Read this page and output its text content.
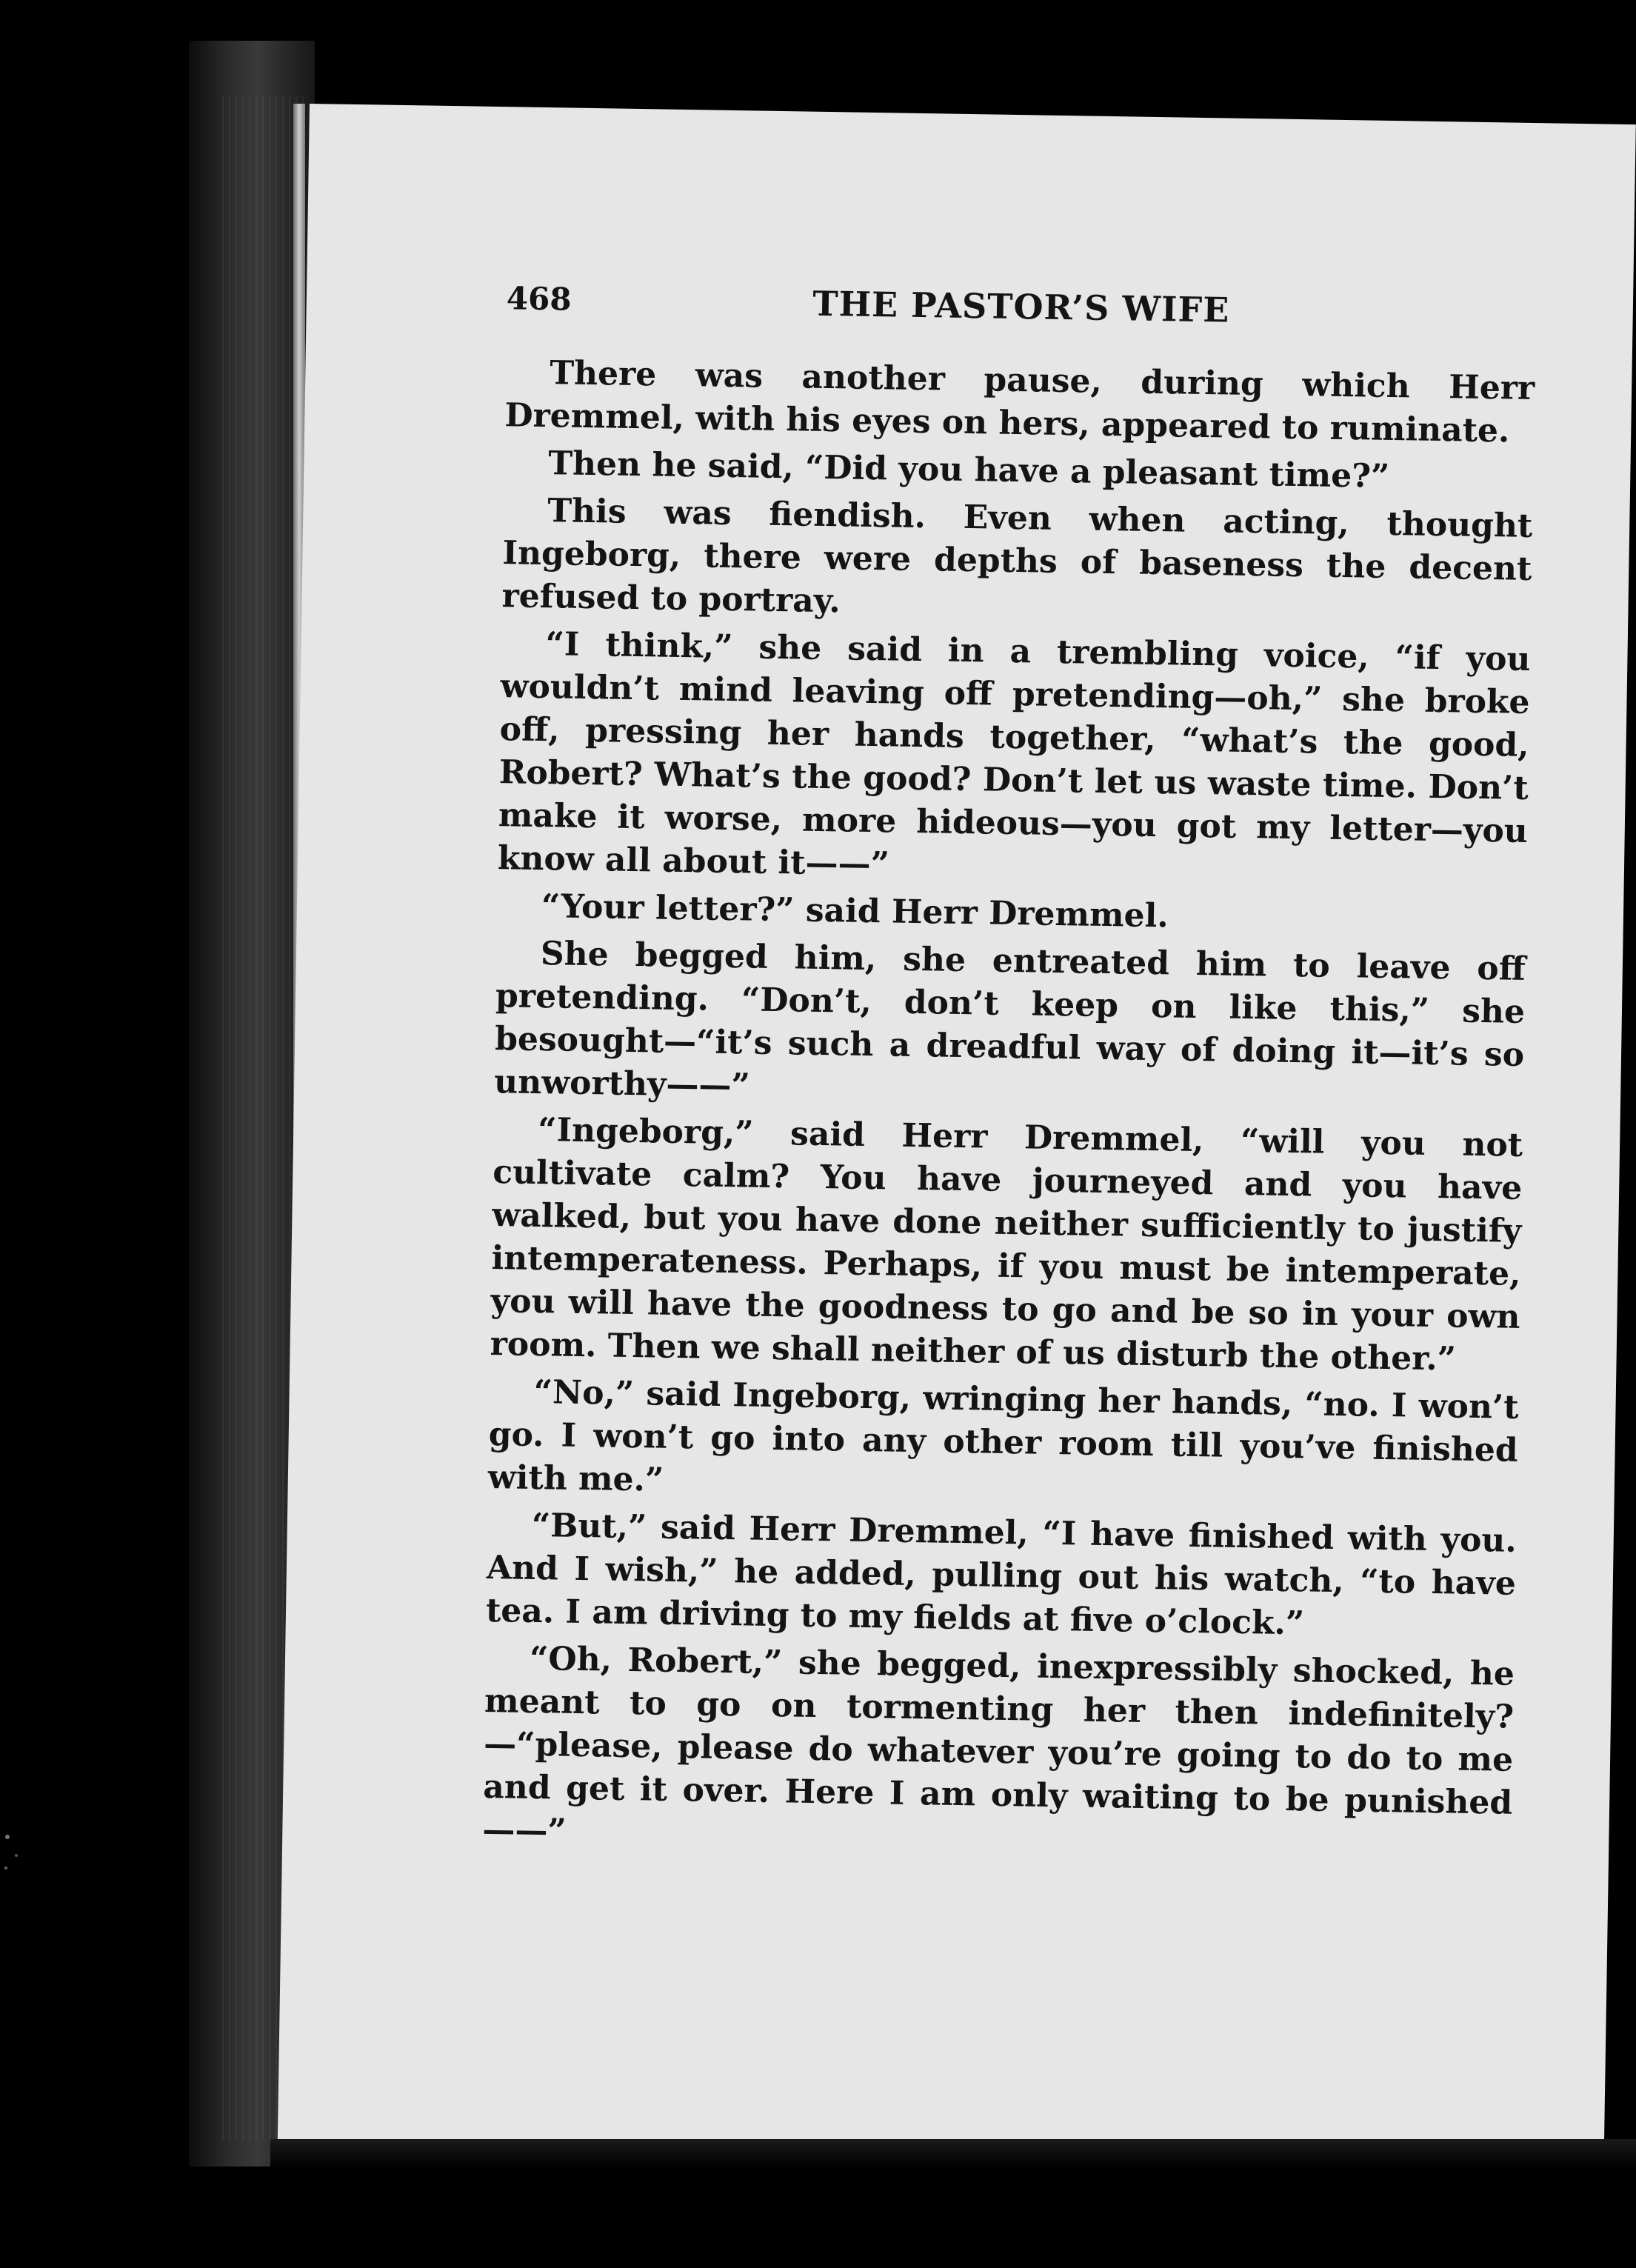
468	THE PASTOR’S WIFE

There was another pause, during which Herr Dremmel, with his eyes on hers, appeared to ruminate.

Then he said, “Did you have a pleasant time?”

This was fiendish. Even when acting, thought Ingeborg, there were depths of baseness the decent refused to portray.

“I think,” she said in a trembling voice, “if you wouldn’t mind leaving off pretending—oh,” she broke off, pressing her hands together, “what’s the good, Robert? What’s the good? Don’t let us waste time. Don’t make it worse, more hideous—you got my letter—you know all about it——”

“Your letter?” said Herr Dremmel.

She begged him, she entreated him to leave off pretending. “Don’t, don’t keep on like this,” she besought—“it’s such a dreadful way of doing it—it’s so unworthy——”

“Ingeborg,” said Herr Dremmel, “will you not cultivate calm? You have journeyed and you have walked, but you have done neither sufficiently to justify intemperateness. Perhaps, if you must be intemperate, you will have the goodness to go and be so in your own room. Then we shall neither of us disturb the other.”

“No,” said Ingeborg, wringing her hands, “no. I won’t go. I won’t go into any other room till you’ve finished with me.”

“But,” said Herr Dremmel, “I have finished with you. And I wish,” he added, pulling out his watch, “to have tea. I am driving to my fields at five o’clock.”

“Oh, Robert,” she begged, inexpressibly shocked, he meant to go on tormenting her then indefinitely? —“please, please do whatever you’re going to do to me and get it over. Here I am only waiting to be punished——”
